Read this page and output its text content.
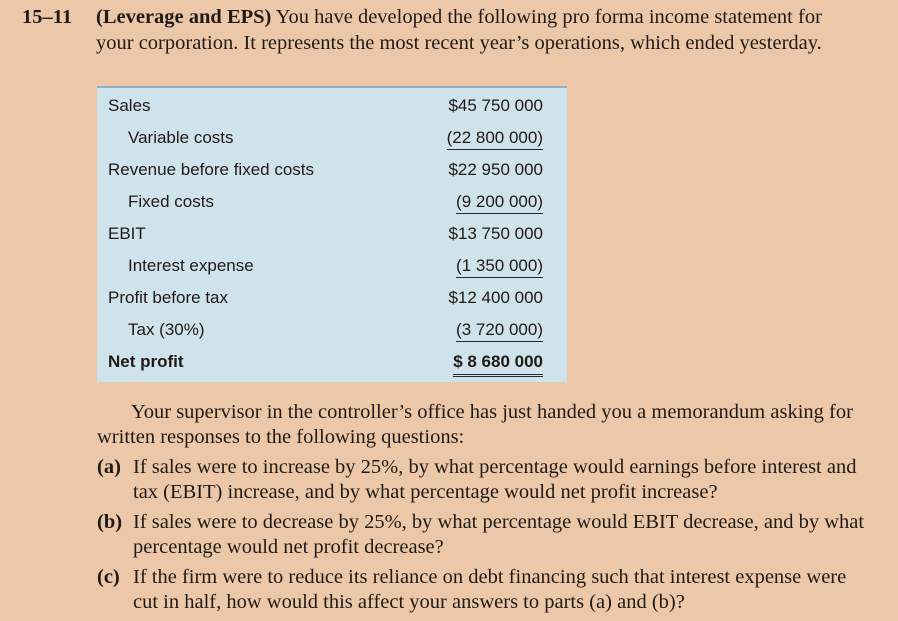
15–11 (Leverage and EPS) You have developed the following pro forma income statement for
your corporation. It represents the most recent year’s operations, which ended yesterday.
Sales	$45 750 000
Variable costs	(22 800 000)
Revenue before fixed costs	$22 950 000
Fixed costs	(9 200 000)
EBIT	$13 750 000
Interest expense	(1 350 000)
Profit before tax	$12 400 000
Tax (30%)	(3 720 000)
Net profit	$ 8 680 000

Your supervisor in the controller’s office has just handed you a memorandum asking for written responses to the following questions:

(a) If sales were to increase by 25%, by what percentage would earnings before interest and tax (EBIT) increase, and by what percentage would net profit increase?
(b) If sales were to decrease by 25%, by what percentage would EBIT decrease, and by what percentage would net profit decrease?
(c) If the firm were to reduce its reliance on debt financing such that interest expense were cut in half, how would this affect your answers to parts (a) and (b)?
